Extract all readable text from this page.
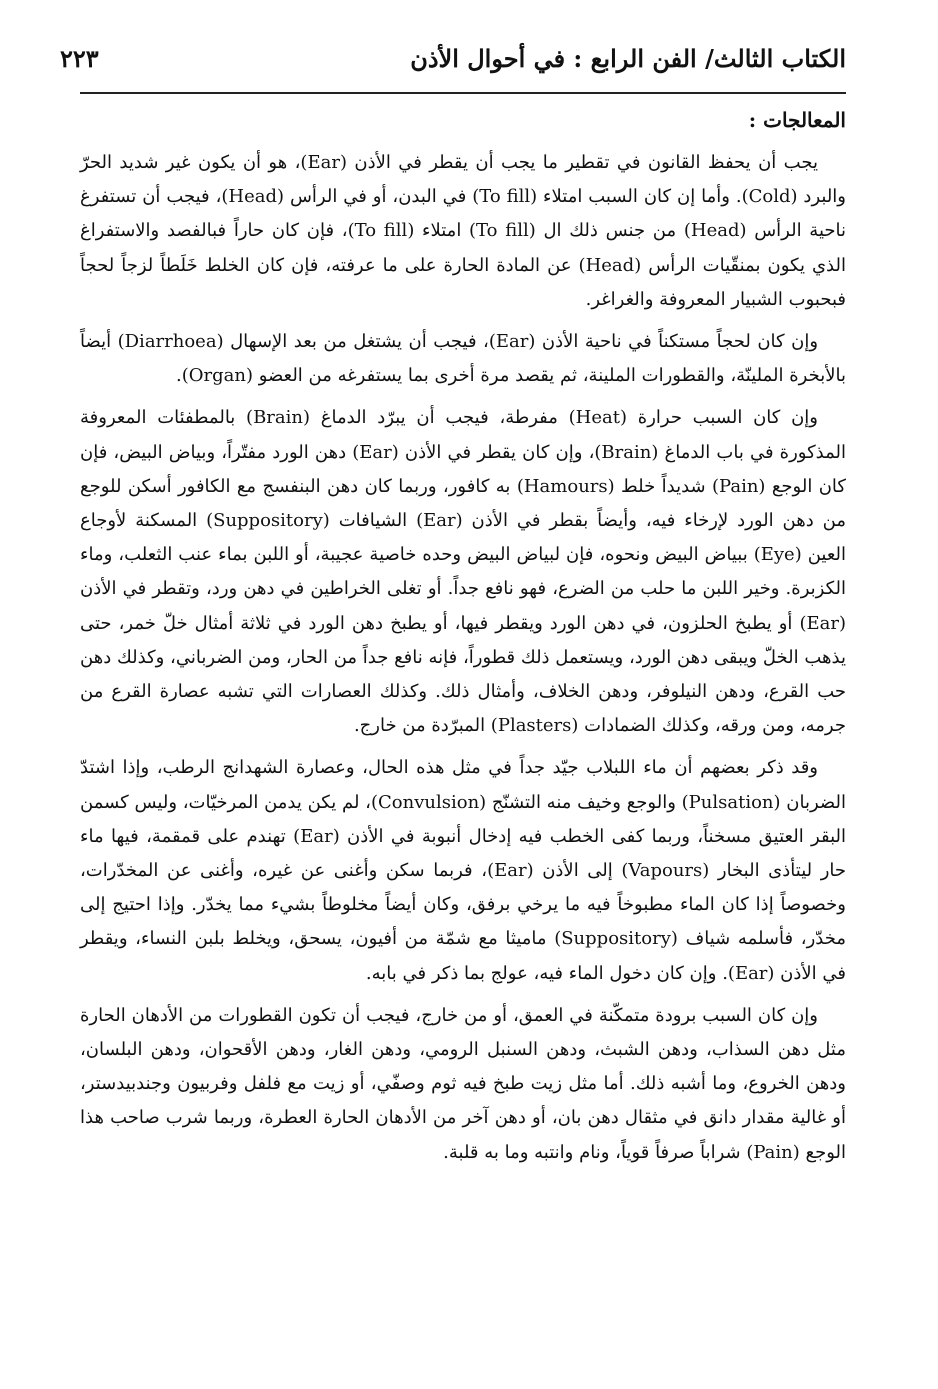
الكتاب الثالث/ الفن الرابع : في أحوال الأذن
٢٢٣
المعالجات :

يجب أن يحفظ القانون في تقطير ما يجب أن يقطر في الأذن (Ear)، هو أن يكون غير شديد الحرّ والبرد (Cold). وأما إن كان السبب امتلاء (To fill) في البدن، أو في الرأس (Head)، فيجب أن تستفرغ ناحية الرأس (Head) من جنس ذلك ال (To fill) امتلاء (To fill)، فإن كان حاراً فبالفصد والاستفراغ الذي يكون بمنقّيات الرأس (Head) عن المادة الحارة على ما عرفته، فإن كان الخلط خَلَطاً لزجاً لحجاً فبحبوب الشبيار المعروفة والغراغر.

وإن كان لحجاً مستكناً في ناحية الأذن (Ear)، فيجب أن يشتغل من بعد الإسهال (Diarrhoea) أيضاً بالأبخرة الملينّة، والقطورات الملينة، ثم يقصد مرة أخرى بما يستفرغه من العضو (Organ).

وإن كان السبب حرارة (Heat) مفرطة، فيجب أن يبرّد الدماغ (Brain) بالمطفئات المعروفة المذكورة في باب الدماغ (Brain)، وإن كان يقطر في الأذن (Ear) دهن الورد مفتّراً، وبياض البيض، فإن كان الوجع (Pain) شديداً خلط (Hamours) به كافور، وربما كان دهن البنفسج مع الكافور أسكن للوجع من دهن الورد لإرخاء فيه، وأيضاً بقطر في الأذن (Ear) الشيافات (Suppository) المسكنة لأوجاع العين (Eye) ببياض البيض ونحوه، فإن لبياض البيض وحده خاصية عجيبة، أو اللبن بماء عنب الثعلب، وماء الكزبرة. وخير اللبن ما حلب من الضرع، فهو نافع جداً. أو تغلى الخراطين في دهن ورد، وتقطر في الأذن (Ear) أو يطبخ الحلزون، في دهن الورد ويقطر فيها، أو يطبخ دهن الورد في ثلاثة أمثال خلّ خمر، حتى يذهب الخلّ ويبقى دهن الورد، ويستعمل ذلك قطوراً، فإنه نافع جداً من الحار، ومن الضرباني، وكذلك دهن حب القرع، ودهن النيلوفر، ودهن الخلاف، وأمثال ذلك. وكذلك العصارات التي تشبه عصارة القرع من جرمه، ومن ورقه، وكذلك الضمادات (Plasters) المبرّدة من خارج.

وقد ذكر بعضهم أن ماء اللبلاب جيّد جداً في مثل هذه الحال، وعصارة الشهدانج الرطب، وإذا اشتدّ الضربان (Pulsation) والوجع وخيف منه التشنّج (Convulsion)، لم يكن يدمن المرخيّات، وليس كسمن البقر العتيق مسخناً، وربما كفى الخطب فيه إدخال أنبوبة في الأذن (Ear) تهندم على قمقمة، فيها ماء حار ليتأذى البخار (Vapours) إلى الأذن (Ear)، فربما سكن وأغنى عن غيره، وأغنى عن المخدّرات، وخصوصاً إذا كان الماء مطبوخاً فيه ما يرخي برفق، وكان أيضاً مخلوطاً بشيء مما يخدّر. وإذا احتيج إلى مخدّر، فأسلمه شياف (Suppository) ماميثا مع شمّة من أفيون، يسحق، ويخلط بلبن النساء، ويقطر في الأذن (Ear). وإن كان دخول الماء فيه، عولج بما ذكر في بابه.

وإن كان السبب برودة متمكّنة في العمق، أو من خارج، فيجب أن تكون القطورات من الأدهان الحارة مثل دهن السذاب، ودهن الشبث، ودهن السنبل الرومي، ودهن الغار، ودهن الأقحوان، ودهن البلسان، ودهن الخروع، وما أشبه ذلك. أما مثل زيت طبخ فيه ثوم وصفّي، أو زيت مع فلفل وفربيون وجندبيدستر، أو غالية مقدار دانق في مثقال دهن بان، أو دهن آخر من الأدهان الحارة العطرة، وربما شرب صاحب هذا الوجع (Pain) شراباً صرفاً قوياً، ونام وانتبه وما به قلبة.
